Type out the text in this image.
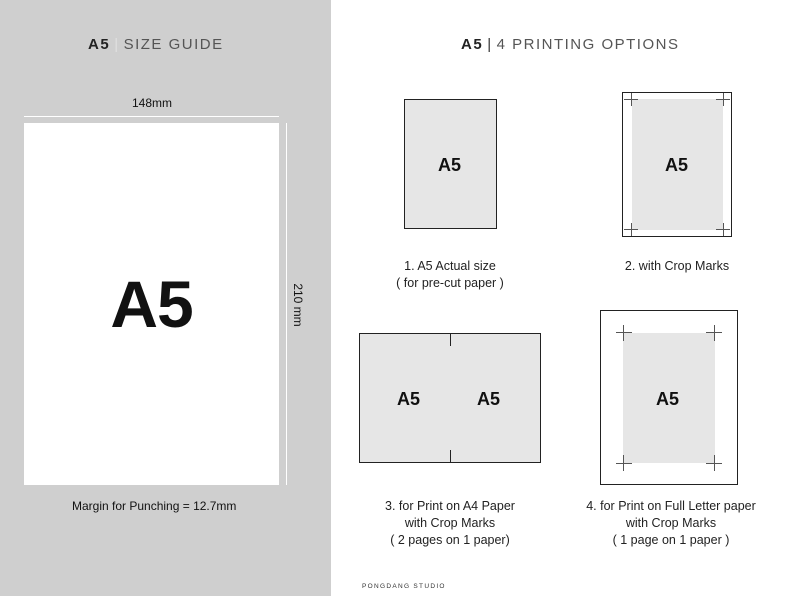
A5 | SIZE GUIDE
148mm
A5	210 mm
Margin for Punching = 12.7mm
A5 | 4 PRINTING OPTIONS
A5
1. A5 Actual size
( for pre-cut paper )
A5
2. with Crop Marks
A5	A5
3. for Print on A4 Paper
with Crop Marks
( 2 pages on 1 paper)
A5
4. for Print on Full Letter paper
with Crop Marks
( 1 page on 1 paper )
PONGDANG STUDIO
